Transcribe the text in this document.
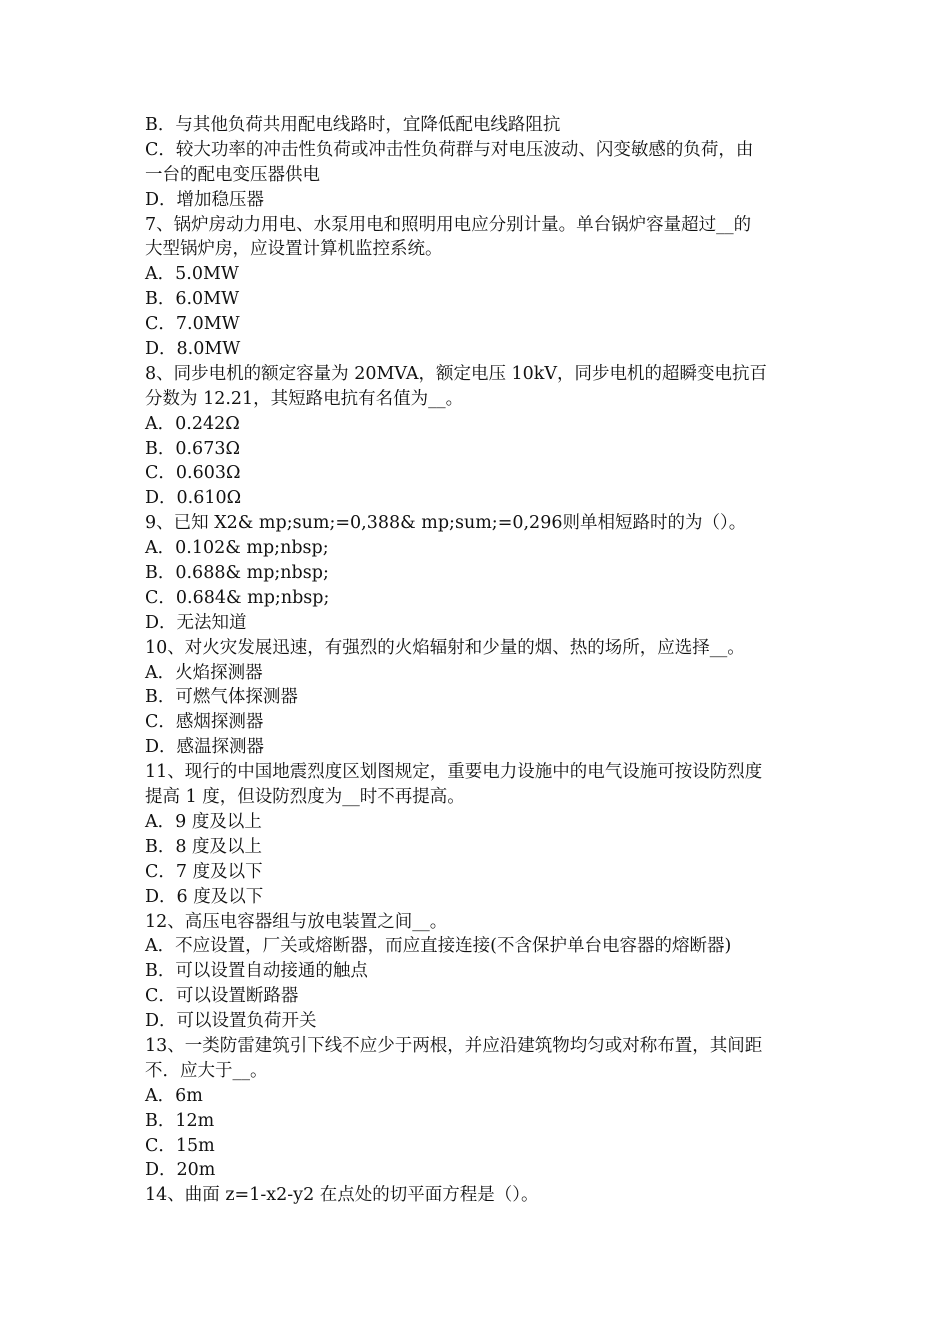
B．与其他负荷共用配电线路时，宜降低配电线路阻抗
C．较大功率的冲击性负荷或冲击性负荷群与对电压波动、闪变敏感的负荷，由
一台的配电变压器供电
D．增加稳压器
7、锅炉房动力用电、水泵用电和照明用电应分别计量。单台锅炉容量超过__的
大型锅炉房，应设置计算机监控系统。
A．5.0MW
B．6.0MW
C．7.0MW
D．8.0MW
8、同步电机的额定容量为 20MVA，额定电压 10kV，同步电机的超瞬变电抗百
分数为 12.21，其短路电抗有名值为__。
A．0.242Ω
B．0.673Ω
C．0.603Ω
D．0.610Ω
9、已知 X2& mp;sum;=0,388& mp;sum;=0,296则单相短路时的为（）。
A．0.102& mp;nbsp;
B．0.688& mp;nbsp;
C．0.684& mp;nbsp;
D．无法知道
10、对火灾发展迅速，有强烈的火焰辐射和少量的烟、热的场所，应选择__。
A．火焰探测器
B．可燃气体探测器
C．感烟探测器
D．感温探测器
11、现行的中国地震烈度区划图规定，重要电力设施中的电气设施可按设防烈度
提高 1 度，但设防烈度为__时不再提高。
A．9 度及以上
B．8 度及以上
C．7 度及以下
D．6 度及以下
12、高压电容器组与放电装置之间__。
A．不应设置，厂关或熔断器，而应直接连接(不含保护单台电容器的熔断器)
B．可以设置自动接通的触点
C．可以设置断路器
D．可以设置负荷开关
13、一类防雷建筑引下线不应少于两根，并应沿建筑物均匀或对称布置，其间距
不．应大于__。
A．6m
B．12m
C．15m
D．20m
14、曲面 z=1-x2-y2 在点处的切平面方程是（）。
